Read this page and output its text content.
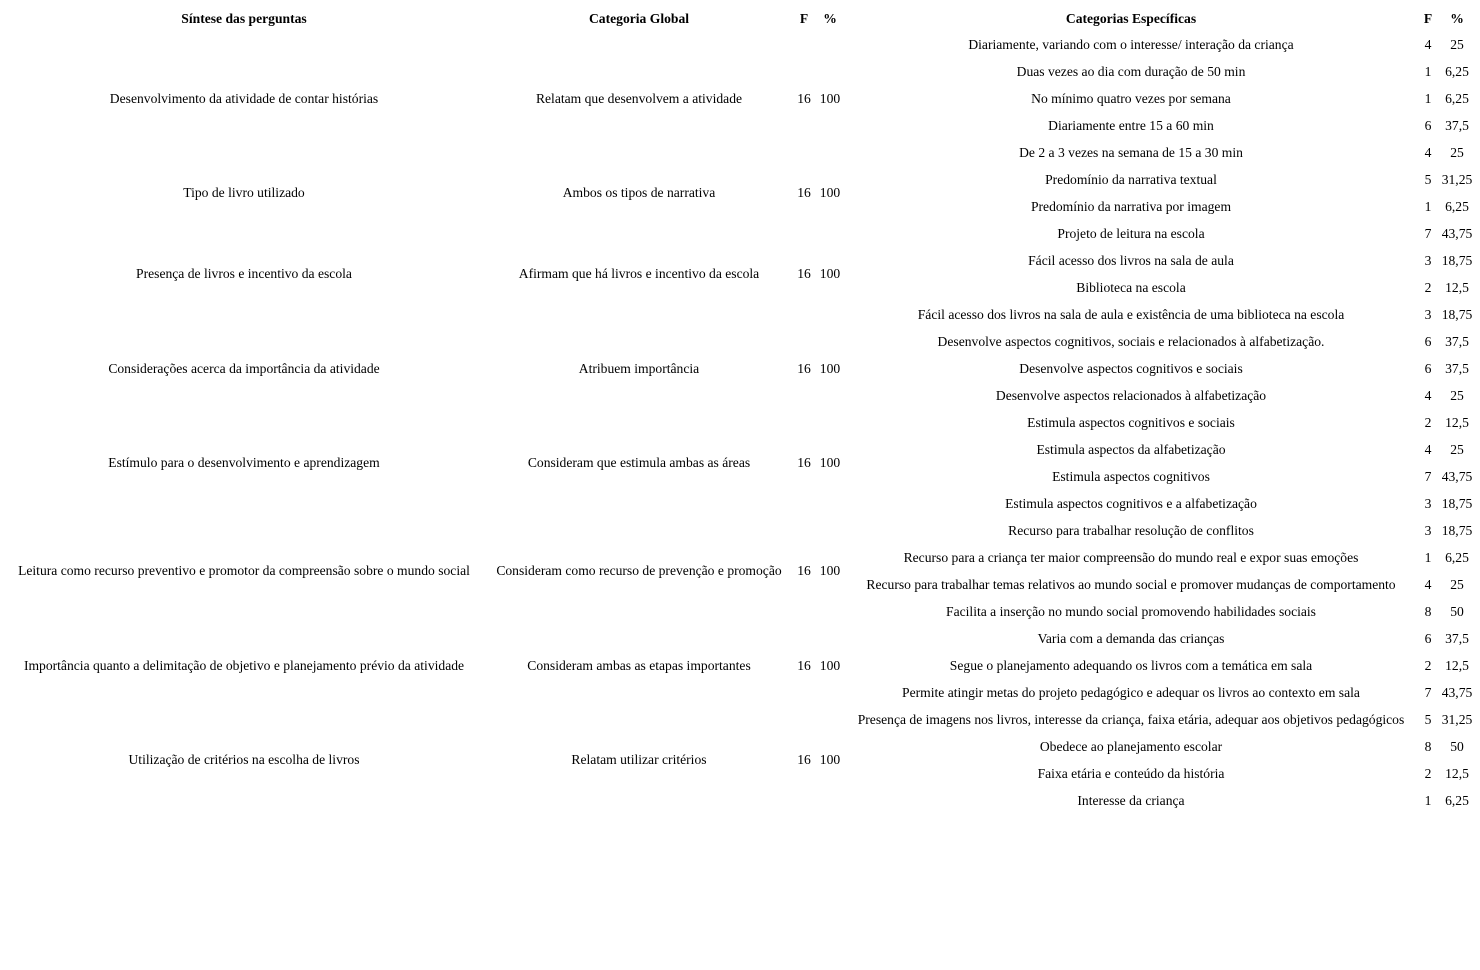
Síntese das perguntas	Categoria Global	F	%	Categorias Específicas	F	%
Desenvolvimento da atividade de contar histórias	Relatam que desenvolvem a atividade	16 100
Tipo de livro utilizado	Ambos os tipos de narrativa	16 100
Presença de livros e incentivo da escola	Afirmam que há livros e incentivo da escola	16 100
Considerações acerca da importância da atividade	Atribuem importância	16 100
Estímulo para o desenvolvimento e aprendizagem	Consideram que estimula ambas as áreas	16 100
Leitura como recurso preventivo e promotor da compreensão sobre o mundo social	Consideram como recurso de prevenção e promoção	16 100
Importância quanto a delimitação de objetivo e planejamento prévio da atividade	Consideram ambas as etapas importantes	16 100
Utilização de critérios na escolha de livros	Relatam utilizar critérios	16 100
Diariamente, variando com o interesse/ interação da criança	4	25
Duas vezes ao dia com duração de 50 min	1	6,25
No mínimo quatro vezes por semana	1	6,25
Diariamente entre 15 a 60 min	6	37,5
De 2 a 3 vezes na semana de 15 a 30 min	4	25
Predomínio da narrativa textual	5 31,25
Predomínio da narrativa por imagem	1	6,25
Projeto de leitura na escola	7 43,75
Fácil acesso dos livros na sala de aula	3 18,75
Biblioteca na escola	2	12,5
Fácil acesso dos livros na sala de aula e existência de uma biblioteca na escola	3 18,75
Desenvolve aspectos cognitivos, sociais e relacionados à alfabetização.	6	37,5
Desenvolve aspectos cognitivos e sociais	6	37,5
Desenvolve aspectos relacionados à alfabetização	4	25
Estimula aspectos cognitivos e sociais	2	12,5
Estimula aspectos da alfabetização	4	25
Estimula aspectos cognitivos	7 43,75
Estimula aspectos cognitivos e a alfabetização	3 18,75
Recurso para trabalhar resolução de conflitos	3 18,75
Recurso para a criança ter maior compreensão do mundo real e expor suas emoções	1	6,25
Recurso para trabalhar temas relativos ao mundo social e promover mudanças de comportamento	4	25
Facilita a inserção no mundo social promovendo habilidades sociais	8	50
Varia com a demanda das crianças	6	37,5
Segue o planejamento adequando os livros com a temática em sala	2	12,5
Permite atingir metas do projeto pedagógico e adequar os livros ao contexto em sala	7 43,75
Presença de imagens nos livros, interesse da criança, faixa etária, adequar aos objetivos pedagógicos	5 31,25
Obedece ao planejamento escolar	8	50
Faixa etária e conteúdo da história	2	12,5
Interesse da criança	1	6,25
